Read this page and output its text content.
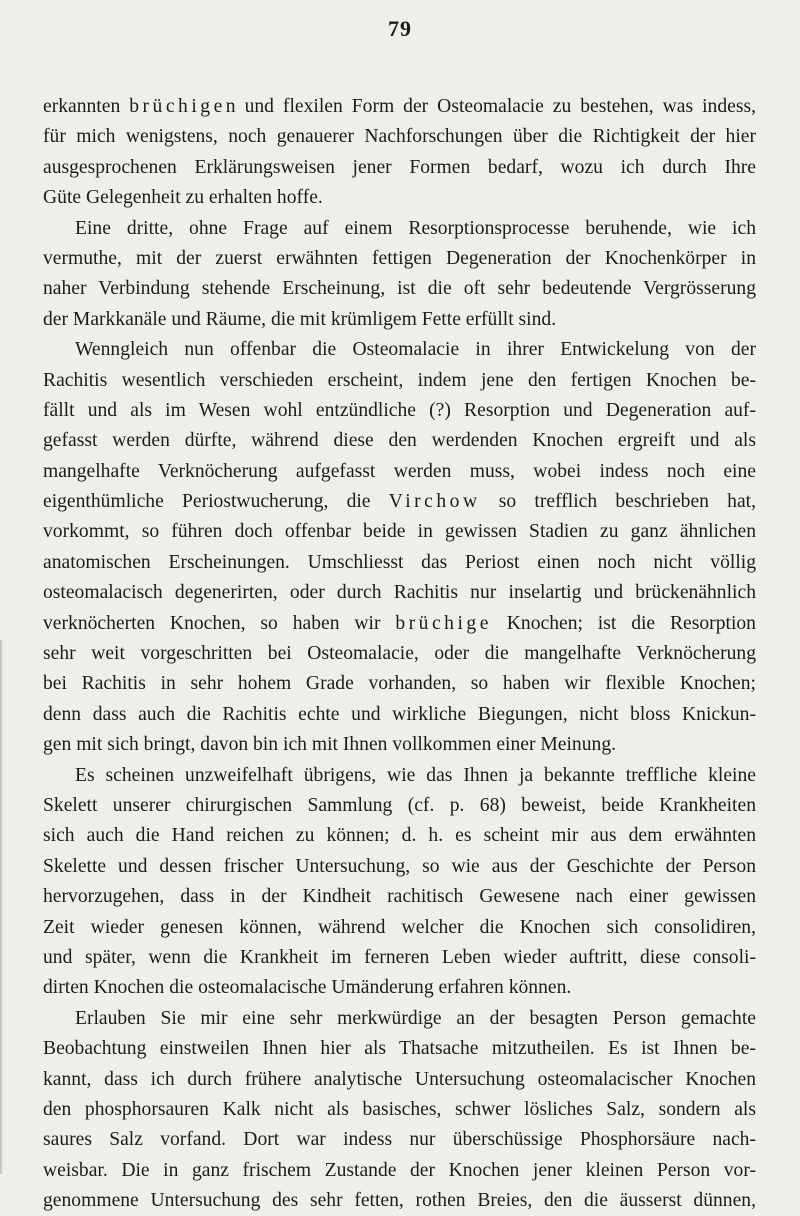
79
erkannten brüchigen und flexilen Form der Osteomalacie zu bestehen, was indess,
für mich wenigstens, noch genauerer Nachforschungen über die Richtigkeit der hier
ausgesprochenen Erklärungsweisen jener Formen bedarf, wozu ich durch Ihre
Güte Gelegenheit zu erhalten hoffe.
Eine dritte, ohne Frage auf einem Resorptionsprocesse beruhende, wie ich
vermuthe, mit der zuerst erwähnten fettigen Degeneration der Knochenkörper in
naher Verbindung stehende Erscheinung, ist die oft sehr bedeutende Vergrösserung
der Markkanäle und Räume, die mit krümligem Fette erfüllt sind.
Wenngleich nun offenbar die Osteomalacie in ihrer Entwickelung von der
Rachitis wesentlich verschieden erscheint, indem jene den fertigen Knochen be-
fällt und als im Wesen wohl entzündliche (?) Resorption und Degeneration auf-
gefasst werden dürfte, während diese den werdenden Knochen ergreift und als
mangelhafte Verknöcherung aufgefasst werden muss, wobei indess noch eine
eigenthümliche Periostwucherung, die Virchow so trefflich beschrieben hat,
vorkommt, so führen doch offenbar beide in gewissen Stadien zu ganz ähnlichen
anatomischen Erscheinungen. Umschliesst das Periost einen noch nicht völlig
osteomalacisch degenerirten, oder durch Rachitis nur inselartig und brückenähnlich
verknöcherten Knochen, so haben wir brüchige Knochen; ist die Resorption
sehr weit vorgeschritten bei Osteomalacie, oder die mangelhafte Verknöcherung
bei Rachitis in sehr hohem Grade vorhanden, so haben wir flexible Knochen;
denn dass auch die Rachitis echte und wirkliche Biegungen, nicht bloss Knickun-
gen mit sich bringt, davon bin ich mit Ihnen vollkommen einer Meinung.
Es scheinen unzweifelhaft übrigens, wie das Ihnen ja bekannte treffliche kleine
Skelett unserer chirurgischen Sammlung (cf. p. 68) beweist, beide Krankheiten
sich auch die Hand reichen zu können; d. h. es scheint mir aus dem erwähnten
Skelette und dessen frischer Untersuchung, so wie aus der Geschichte der Person
hervorzugehen, dass in der Kindheit rachitisch Gewesene nach einer gewissen
Zeit wieder genesen können, während welcher die Knochen sich consolidiren,
und später, wenn die Krankheit im ferneren Leben wieder auftritt, diese consoli-
dirten Knochen die osteomalacische Umänderung erfahren können.
Erlauben Sie mir eine sehr merkwürdige an der besagten Person gemachte
Beobachtung einstweilen Ihnen hier als Thatsache mitzutheilen. Es ist Ihnen be-
kannt, dass ich durch frühere analytische Untersuchung osteomalacischer Knochen
den phosphorsauren Kalk nicht als basisches, schwer lösliches Salz, sondern als
saures Salz vorfand. Dort war indess nur überschüssige Phosphorsäure nach-
weisbar. Die in ganz frischem Zustande der Knochen jener kleinen Person vor-
genommene Untersuchung des sehr fetten, rothen Breies, den die äusserst dünnen,
